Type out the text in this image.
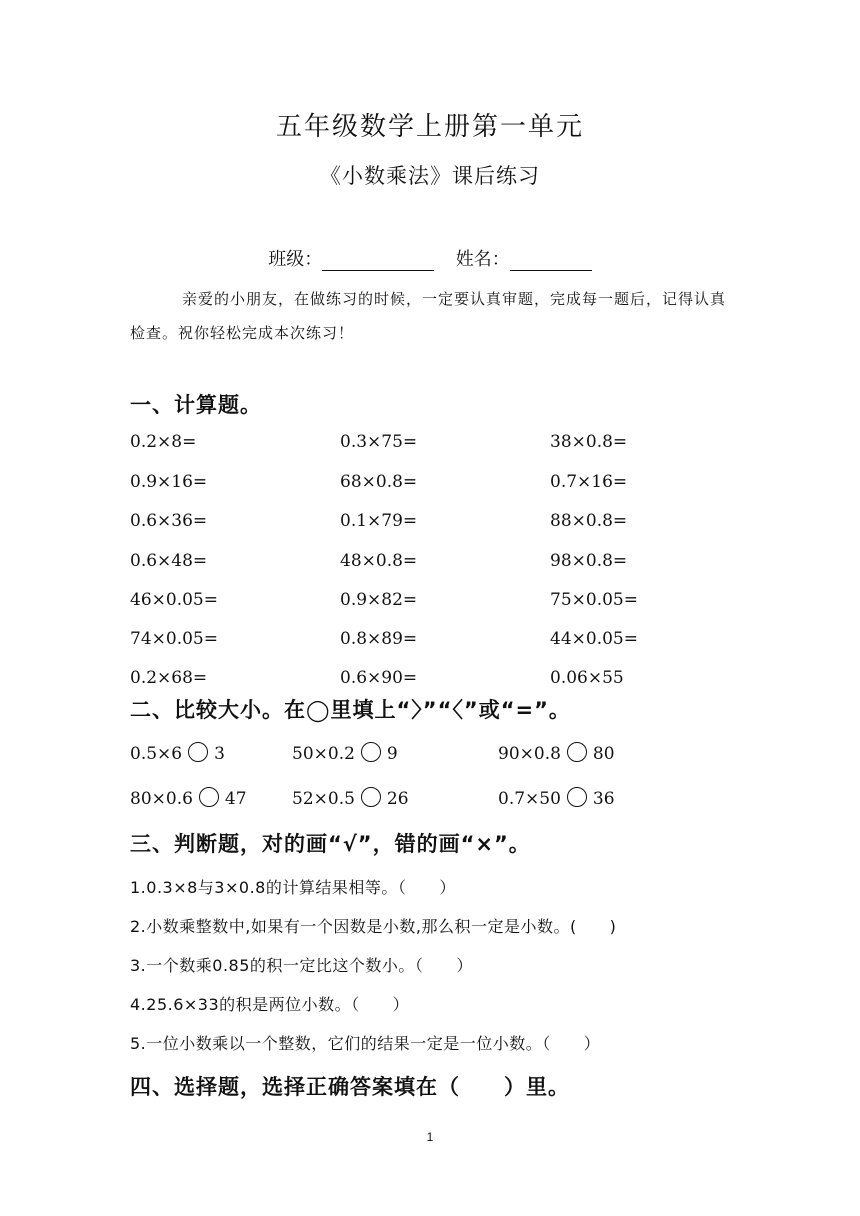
五年级数学上册第一单元
《小数乘法》课后练习
班级：	姓名：
亲爱的小朋友，在做练习的时候，一定要认真审题，完成每一题后，记得认真检查。祝你轻松完成本次练习！
一、计算题。
0.2×8=	0.3×75=	38×0.8=
0.9×16=	68×0.8=	0.7×16=
0.6×36=	0.1×79=	88×0.8=
0.6×48=	48×0.8=	98×0.8=
46×0.05=	0.9×82=	75×0.05=
74×0.05=	0.8×89=	44×0.05=
0.2×68=	0.6×90=	0.06×55
二、比较大小。在◯里填上“〉”“〈”或“=”。
0.5×6 3	50×0.2 9	90×0.8 80
80×0.6 47	52×0.5 26	0.7×50 36
三、判断题，对的画“√”，错的画“×”。
1.0.3×8与3×0.8的计算结果相等。（　　）
2.小数乘整数中,如果有一个因数是小数,那么积一定是小数。(　　)
3.一个数乘0.85的积一定比这个数小。（　　）
4.25.6×33的积是两位小数。（　　）
5.一位小数乘以一个整数，它们的结果一定是一位小数。（　　）
四、选择题，选择正确答案填在（　　）里。
1
